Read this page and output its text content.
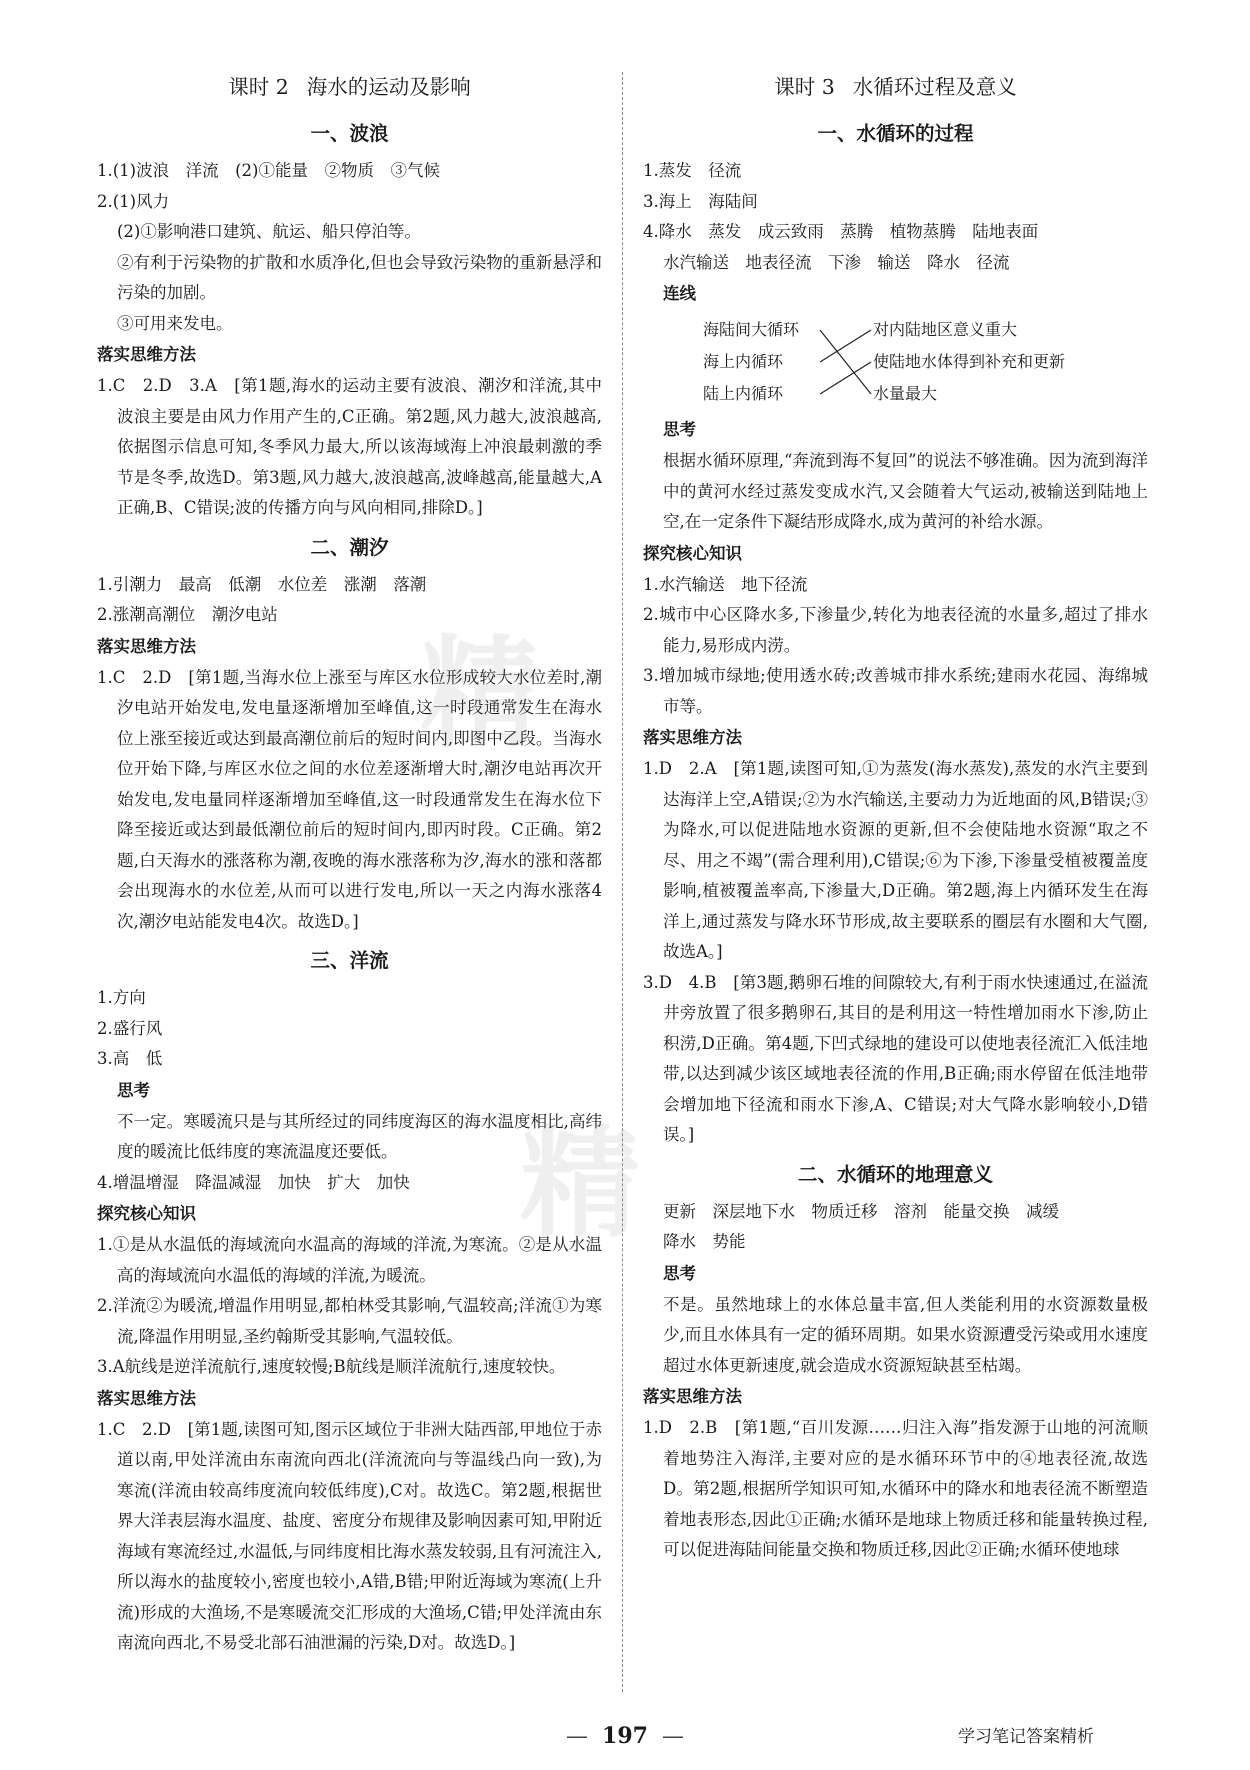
课时 2 海水的运动及影响
一、波浪

1.(1)波浪　洋流　(2)①能量　②物质　③气候

2.(1)风力

(2)①影响港口建筑、航运、船只停泊等。

②有利于污染物的扩散和水质净化,但也会导致污染物的重新悬浮和污染的加剧。

③可用来发电。

落实思维方法

1.C　2.D　3.A　[第1题,海水的运动主要有波浪、潮汐和洋流,其中波浪主要是由风力作用产生的,C正确。第2题,风力越大,波浪越高,依据图示信息可知,冬季风力最大,所以该海域海上冲浪最刺激的季节是冬季,故选D。第3题,风力越大,波浪越高,波峰越高,能量越大,A正确,B、C错误;波的传播方向与风向相同,排除D。]

二、潮汐

1.引潮力　最高　低潮　水位差　涨潮　落潮

2.涨潮高潮位　潮汐电站

落实思维方法

1.C　2.D　[第1题,当海水位上涨至与库区水位形成较大水位差时,潮汐电站开始发电,发电量逐渐增加至峰值,这一时段通常发生在海水位上涨至接近或达到最高潮位前后的短时间内,即图中乙段。当海水位开始下降,与库区水位之间的水位差逐渐增大时,潮汐电站再次开始发电,发电量同样逐渐增加至峰值,这一时段通常发生在海水位下降至接近或达到最低潮位前后的短时间内,即丙时段。C正确。第2题,白天海水的涨落称为潮,夜晚的海水涨落称为汐,海水的涨和落都会出现海水的水位差,从而可以进行发电,所以一天之内海水涨落4次,潮汐电站能发电4次。故选D。]

三、洋流

1.方向

2.盛行风

3.高　低

思考

不一定。寒暖流只是与其所经过的同纬度海区的海水温度相比,高纬度的暖流比低纬度的寒流温度还要低。

4.增温增湿　降温减湿　加快　扩大　加快

探究核心知识

1.①是从水温低的海域流向水温高的海域的洋流,为寒流。②是从水温高的海域流向水温低的海域的洋流,为暖流。

2.洋流②为暖流,增温作用明显,都柏林受其影响,气温较高;洋流①为寒流,降温作用明显,圣约翰斯受其影响,气温较低。

3.A航线是逆洋流航行,速度较慢;B航线是顺洋流航行,速度较快。

落实思维方法

1.C　2.D　[第1题,读图可知,图示区域位于非洲大陆西部,甲地位于赤道以南,甲处洋流由东南流向西北(洋流流向与等温线凸向一致),为寒流(洋流由较高纬度流向较低纬度),C对。故选C。第2题,根据世界大洋表层海水温度、盐度、密度分布规律及影响因素可知,甲附近海域有寒流经过,水温低,与同纬度相比海水蒸发较弱,且有河流注入,所以海水的盐度较小,密度也较小,A错,B错;甲附近海域为寒流(上升流)形成的大渔场,不是寒暖流交汇形成的大渔场,C错;甲处洋流由东南流向西北,不易受北部石油泄漏的污染,D对。故选D。]

课时 3 水循环过程及意义
一、水循环的过程

1.蒸发　径流

3.海上　海陆间

4.降水　蒸发　成云致雨　蒸腾　植物蒸腾　陆地表面

水汽输送　地表径流　下渗　输送　降水　径流

连线
海陆间大循环
海上内循环
陆上内循环
对内陆地区意义重大
使陆地水体得到补充和更新
水量最大
思考

根据水循环原理,“奔流到海不复回”的说法不够准确。因为流到海洋中的黄河水经过蒸发变成水汽,又会随着大气运动,被输送到陆地上空,在一定条件下凝结形成降水,成为黄河的补给水源。

探究核心知识

1.水汽输送　地下径流

2.城市中心区降水多,下渗量少,转化为地表径流的水量多,超过了排水能力,易形成内涝。

3.增加城市绿地;使用透水砖;改善城市排水系统;建雨水花园、海绵城市等。

落实思维方法

1.D　2.A　[第1题,读图可知,①为蒸发(海水蒸发),蒸发的水汽主要到达海洋上空,A错误;②为水汽输送,主要动力为近地面的风,B错误;③为降水,可以促进陆地水资源的更新,但不会使陆地水资源“取之不尽、用之不竭”(需合理利用),C错误;⑥为下渗,下渗量受植被覆盖度影响,植被覆盖率高,下渗量大,D正确。第2题,海上内循环发生在海洋上,通过蒸发与降水环节形成,故主要联系的圈层有水圈和大气圈,故选A。]

3.D　4.B　[第3题,鹅卵石堆的间隙较大,有利于雨水快速通过,在溢流井旁放置了很多鹅卵石,其目的是利用这一特性增加雨水下渗,防止积涝,D正确。第4题,下凹式绿地的建设可以使地表径流汇入低洼地带,以达到减少该区域地表径流的作用,B正确;雨水停留在低洼地带会增加地下径流和雨水下渗,A、C错误;对大气降水影响较小,D错误。]

二、水循环的地理意义

更新　深层地下水　物质迁移　溶剂　能量交换　减缓

降水　势能

思考

不是。虽然地球上的水体总量丰富,但人类能利用的水资源数量极少,而且水体具有一定的循环周期。如果水资源遭受污染或用水速度超过水体更新速度,就会造成水资源短缺甚至枯竭。

落实思维方法

1.D　2.B　[第1题,“百川发源……归注入海”指发源于山地的河流顺着地势注入海洋,主要对应的是水循环环节中的④地表径流,故选D。第2题,根据所学知识可知,水循环中的降水和地表径流不断塑造着地表形态,因此①正确;水循环是地球上物质迁移和能量转换过程,可以促进海陆间能量交换和物质迁移,因此②正确;水循环使地球

精
精
— 197 —	学习笔记答案精析
